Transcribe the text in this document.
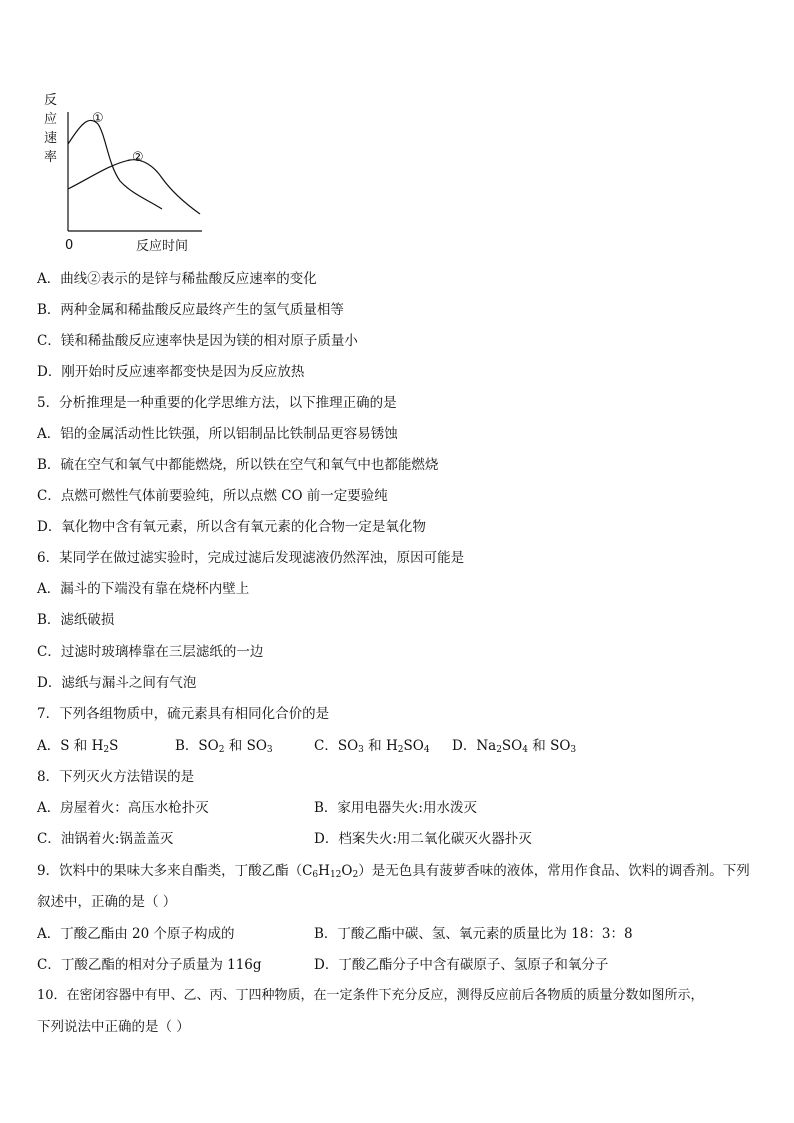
反
应
速
率
0	反应时间
①
②
A．曲线②表示的是锌与稀盐酸反应速率的变化
B．两种金属和稀盐酸反应最终产生的氢气质量相等
C．镁和稀盐酸反应速率快是因为镁的相对原子质量小
D．刚开始时反应速率都变快是因为反应放热
5．分析推理是一种重要的化学思维方法，以下推理正确的是
A．铝的金属活动性比铁强，所以铝制品比铁制品更容易锈蚀
B．硫在空气和氧气中都能燃烧，所以铁在空气和氧气中也都能燃烧
C．点燃可燃性气体前要验纯，所以点燃 CO 前一定要验纯
D．氧化物中含有氧元素，所以含有氧元素的化合物一定是氧化物
6．某同学在做过滤实验时，完成过滤后发现滤液仍然浑浊，原因可能是
A．漏斗的下端没有靠在烧杯内壁上
B．滤纸破损
C．过滤时玻璃棒靠在三层滤纸的一边
D．滤纸与漏斗之间有气泡
7．下列各组物质中，硫元素具有相同化合价的是
A．S 和 $H_2S$	B．$SO_2$ 和 $SO_3$	C．$SO_3$ 和 $H_2SO_4$ D．$Na_2SO_4$ 和 $SO_3$
8．下列灭火方法错误的是
A．房屋着火：高压水枪扑灭	B．家用电器失火:用水泼灭
C．油锅着火:锅盖盖灭	D．档案失火:用二氧化碳灭火器扑灭
9．饮料中的果味大多来自酯类，丁酸乙酯$(C_6H_{12}O_2)$是无色具有菠萝香味的液体，常用作食品、饮料的调香剂。下列
叙述中，正确的是（ ）
A．丁酸乙酯由 20 个原子构成的	B．丁酸乙酯中碳、氢、氧元素的质量比为 18：3：8
C．丁酸乙酯的相对分子质量为 116g	D．丁酸乙酯分子中含有碳原子、氢原子和氧分子
10．在密闭容器中有甲、乙、丙、丁四种物质，在一定条件下充分反应，测得反应前后各物质的质量分数如图所示，
下列说法中正确的是（ ）
